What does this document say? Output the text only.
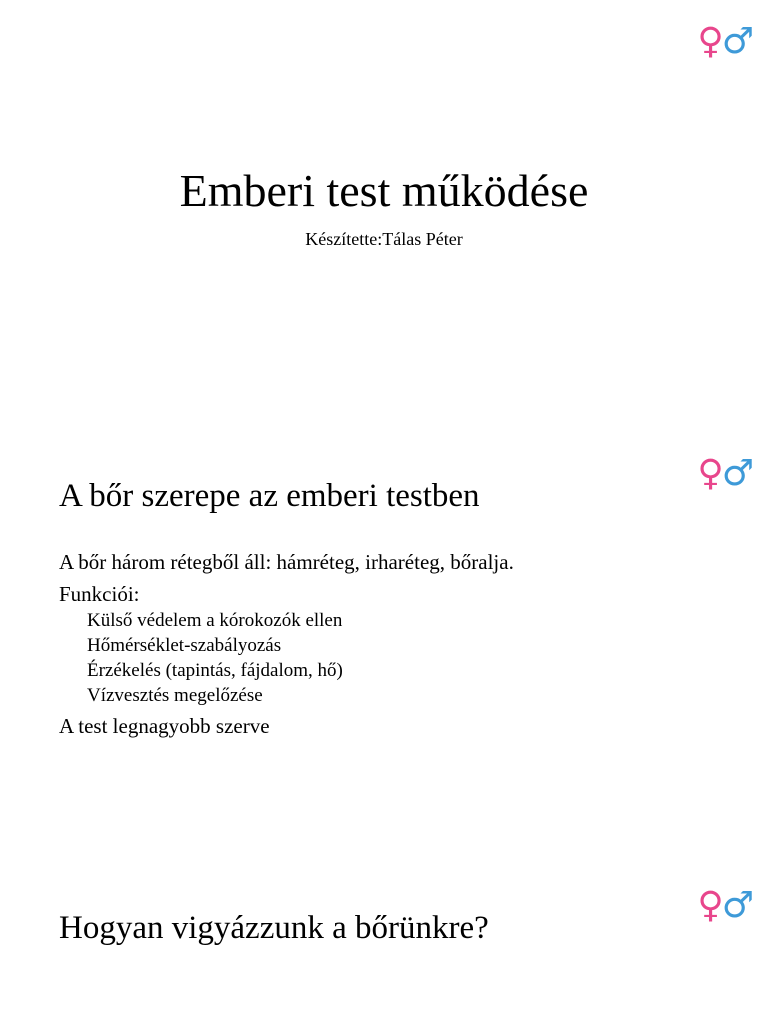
♀♂
Emberi test működése
Készítette:Tálas Péter
♀♂
A bőr szerepe az emberi testben
A bőr három rétegből áll: hámréteg, irharéteg, bőralja.
Funkciói:
Külső védelem a kórokozók ellen
Hőmérséklet-szabályozás
Érzékelés (tapintás, fájdalom, hő)
Vízvesztés megelőzése
A test legnagyobb szerve
♀♂
Hogyan vigyázzunk a bőrünkre?
